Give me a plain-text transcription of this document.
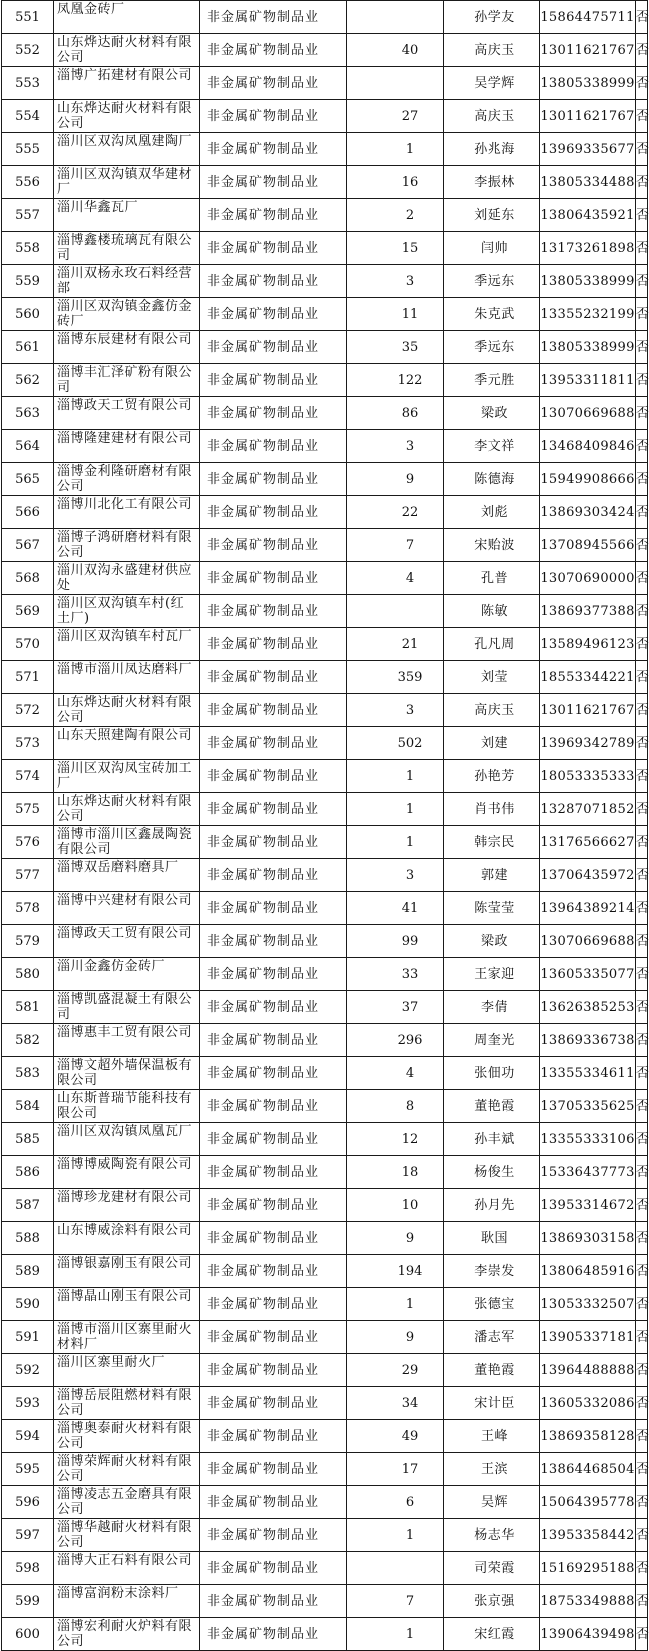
551	凤凰金砖厂	非金属矿物制品业		孙学友	15864475711	否
552	山东烨达耐火材料有限公司	非金属矿物制品业	40	高庆玉	13011621767	否
553	淄博广拓建材有限公司	非金属矿物制品业		吴学辉	13805338999	否
554	山东烨达耐火材料有限公司	非金属矿物制品业	27	高庆玉	13011621767	否
555	淄川区双沟凤凰建陶厂	非金属矿物制品业	1	孙兆海	13969335677	否
556	淄川区双沟镇双华建材厂	非金属矿物制品业	16	李振林	13805334488	否
557	淄川华鑫瓦厂	非金属矿物制品业	2	刘延东	13806435921	否
558	淄博鑫楼琉璃瓦有限公司	非金属矿物制品业	15	闫帅	13173261898	否
559	淄川双杨永玫石料经营部	非金属矿物制品业	3	季远东	13805338999	否
560	淄川区双沟镇金鑫仿金砖厂	非金属矿物制品业	11	朱克武	13355232199	否
561	淄博东辰建材有限公司	非金属矿物制品业	35	季远东	13805338999	否
562	淄博丰汇泽矿粉有限公司	非金属矿物制品业	122	季元胜	13953311811	否
563	淄博政天工贸有限公司	非金属矿物制品业	86	梁政	13070669688	否
564	淄博隆建建材有限公司	非金属矿物制品业	3	李文祥	13468409846	否
565	淄博金利隆研磨材有限公司	非金属矿物制品业	9	陈德海	15949908666	否
566	淄博川北化工有限公司	非金属矿物制品业	22	刘彪	13869303424	否
567	淄博子鸿研磨材料有限公司	非金属矿物制品业	7	宋贻波	13708945566	否
568	淄川双沟永盛建材供应处	非金属矿物制品业	4	孔普	13070690000	否
569	淄川区双沟镇车村(红土厂)	非金属矿物制品业		陈敏	13869377388	否
570	淄川区双沟镇车村瓦厂	非金属矿物制品业	21	孔凡周	13589496123	否
571	淄博市淄川凤达磨料厂	非金属矿物制品业	359	刘莹	18553344221	否
572	山东烨达耐火材料有限公司	非金属矿物制品业	3	高庆玉	13011621767	否
573	山东天照建陶有限公司	非金属矿物制品业	502	刘建	13969342789	否
574	淄川区双沟凤宝砖加工厂	非金属矿物制品业	1	孙艳芳	18053335333	否
575	山东烨达耐火材料有限公司	非金属矿物制品业	1	肖书伟	13287071852	否
576	淄博市淄川区鑫晟陶瓷有限公司	非金属矿物制品业	1	韩宗民	13176566627	否
577	淄博双岳磨料磨具厂	非金属矿物制品业	3	郭建	13706435972	否
578	淄博中兴建材有限公司	非金属矿物制品业	41	陈莹莹	13964389214	否
579	淄博政天工贸有限公司	非金属矿物制品业	99	梁政	13070669688	否
580	淄川金鑫仿金砖厂	非金属矿物制品业	33	王家迎	13605335077	否
581	淄博凯盛混凝土有限公司	非金属矿物制品业	37	李倩	13626385253	否
582	淄博惠丰工贸有限公司	非金属矿物制品业	296	周奎光	13869336738	否
583	淄博文超外墙保温板有限公司	非金属矿物制品业	4	张佃功	13355334611	否
584	山东斯普瑞节能科技有限公司	非金属矿物制品业	8	董艳霞	13705335625	否
585	淄川区双沟镇凤凰瓦厂	非金属矿物制品业	12	孙丰斌	13355333106	否
586	淄博博威陶瓷有限公司	非金属矿物制品业	18	杨俊生	15336437773	否
587	淄博珍龙建材有限公司	非金属矿物制品业	10	孙月先	13953314672	否
588	山东博威涂料有限公司	非金属矿物制品业	9	耿国	13869303158	否
589	淄博银嘉刚玉有限公司	非金属矿物制品业	194	李崇发	13806485916	否
590	淄博晶山刚玉有限公司	非金属矿物制品业	1	张德宝	13053332507	否
591	淄博市淄川区寨里耐火材料厂	非金属矿物制品业	9	潘志军	13905337181	否
592	淄川区寨里耐火厂	非金属矿物制品业	29	董艳霞	13964488888	否
593	淄博岳辰阻燃材料有限公司	非金属矿物制品业	34	宋计臣	13605332086	否
594	淄博奥泰耐火材料有限公司	非金属矿物制品业	49	王峰	13869358128	否
595	淄博荣辉耐火材料有限公司	非金属矿物制品业	17	王滨	13864468504	否
596	淄博凌志五金磨具有限公司	非金属矿物制品业	6	吴辉	15064395778	否
597	淄博华越耐火材料有限公司	非金属矿物制品业	1	杨志华	13953358442	否
598	淄博大正石料有限公司	非金属矿物制品业		司荣霞	15169295188	否
599	淄博富润粉末涂料厂	非金属矿物制品业	7	张京强	18753349888	否
600	淄博宏利耐火炉料有限公司	非金属矿物制品业	1	宋红霞	13906439498	否
